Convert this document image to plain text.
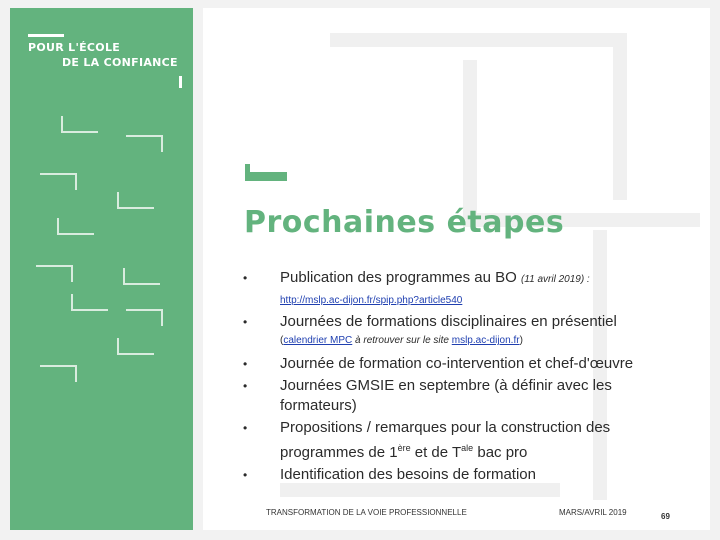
POUR L'ÉCOLE
DE LA CONFIANCE
Prochaines étapes
• Publication des programmes au BO (11 avril 2019) :
http://mslp.ac-dijon.fr/spip.php?article540
• Journées de formations disciplinaires en présentiel
(calendrier MPC à retrouver sur le site mslp.ac-dijon.fr)
• Journée de formation co-intervention et chef-d'œuvre
• Journées GMSIE en septembre (à définir avec les formateurs)
• Propositions / remarques pour la construction des programmes de 1ère et de $T^{ale}$ bac pro
• Identification des besoins de formation
TRANSFORMATION DE LA VOIE PROFESSIONNELLE	MARS/AVRIL 2019	69
